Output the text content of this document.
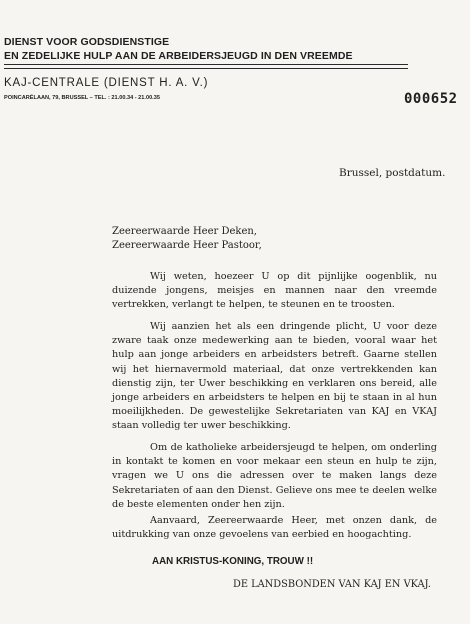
DIENST VOOR GODSDIENSTIGE
EN ZEDELIJKE HULP AAN DE ARBEIDERSJEUGD IN DEN VREEMDE
KAJ-CENTRALE (DIENST H. A. V.)
POINCARÉLAAN, 79, BRUSSEL – TEL. : 21.00.34 - 21.00.35	000652
Brussel, postdatum.
Zeereerwaarde Heer Deken,
Zeereerwaarde Heer Pastoor,
Wij weten, hoezeer U op dit pijnlijke oogenblik, nu duizende jongens, meisjes en mannen naar den vreemde vertrekken, verlangt te helpen, te steunen en te troosten.
Wij aanzien het als een dringende plicht, U voor deze zware taak onze medewerking aan te bieden, vooral waar het hulp aan jonge arbeiders en arbeidsters betreft. Gaarne stellen wij het hiernavermold materiaal, dat onze vertrekkenden kan dienstig zijn, ter Uwer beschikking en verklaren ons bereid, alle jonge arbeiders en arbeidsters te helpen en bij te staan in al hun moeilijkheden. De gewestelijke Sekretariaten van KAJ en VKAJ staan volledig ter uwer beschikking.
Om de katholieke arbeidersjeugd te helpen, om onderling in kontakt te komen en voor mekaar een steun en hulp te zijn, vragen we U ons die adressen over te maken langs deze Sekretariaten of aan den Dienst. Gelieve ons mee te deelen welke de beste elementen onder hen zijn.
Aanvaard, Zeereerwaarde Heer, met onzen dank, de uitdrukking van onze gevoelens van eerbied en hoogachting.
AAN KRISTUS-KONING, TROUW !!
DE LANDSBONDEN VAN KAJ EN VKAJ.
